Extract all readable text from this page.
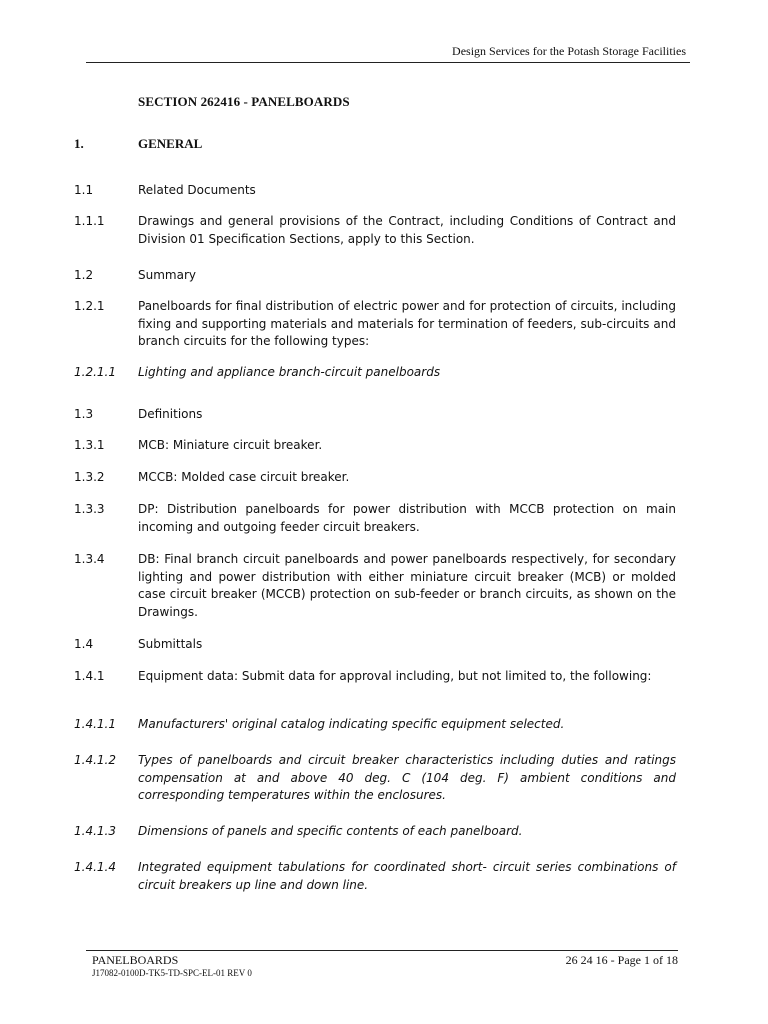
Design Services for the Potash Storage Facilities
SECTION 262416 - PANELBOARDS
1.	GENERAL
1.1	Related Documents
1.1.1	Drawings and general provisions of the Contract, including Conditions of Contract and Division 01 Specification Sections, apply to this Section.
1.2	Summary
1.2.1	Panelboards for final distribution of electric power and for protection of circuits, including fixing and supporting materials and materials for termination of feeders, sub-circuits and branch circuits for the following types:
1.2.1.1	Lighting and appliance branch-circuit panelboards
1.3	Definitions
1.3.1	MCB: Miniature circuit breaker.
1.3.2	MCCB: Molded case circuit breaker.
1.3.3	DP: Distribution panelboards for power distribution with MCCB protection on main incoming and outgoing feeder circuit breakers.
1.3.4	DB: Final branch circuit panelboards and power panelboards respectively, for secondary lighting and power distribution with either miniature circuit breaker (MCB) or molded case circuit breaker (MCCB) protection on sub-feeder or branch circuits, as shown on the Drawings.
1.4	Submittals
1.4.1	Equipment data: Submit data for approval including, but not limited to, the following:
1.4.1.1	Manufacturers' original catalog indicating specific equipment selected.
1.4.1.2	Types of panelboards and circuit breaker characteristics including duties and ratings compensation at and above 40 deg. C (104 deg. F) ambient conditions and corresponding temperatures within the enclosures.
1.4.1.3	Dimensions of panels and specific contents of each panelboard.
1.4.1.4	Integrated equipment tabulations for coordinated short- circuit series combinations of circuit breakers up line and down line.
PANELBOARDS	26 24 16 - Page 1 of 18
J17082-0100D-TK5-TD-SPC-EL-01 REV 0
